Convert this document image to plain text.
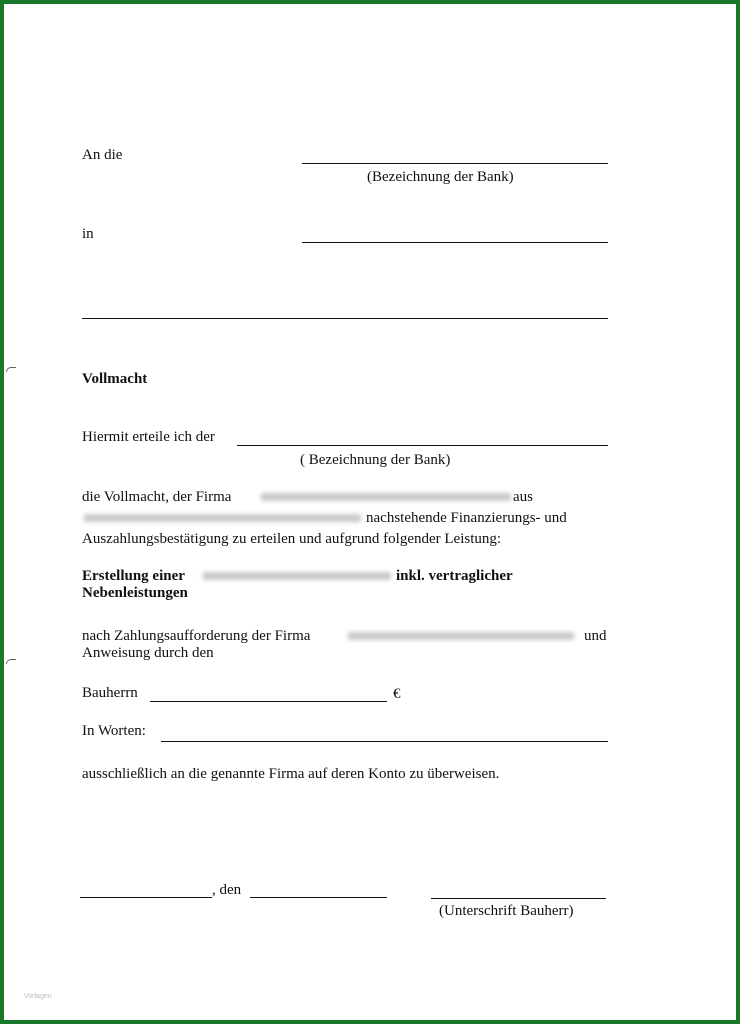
An die
(Bezeichnung der Bank)
in
Vollmacht
Hiermit erteile ich der
( Bezeichnung der Bank)
die Vollmacht, der Firma	aus
nachstehende Finanzierungs- und
Auszahlungsbestätigung zu erteilen und aufgrund folgender Leistung:
Erstellung einer	inkl. vertraglicher
Nebenleistungen
nach Zahlungsaufforderung der Firma	und
Anweisung durch den
Bauherrn	€
In Worten:
ausschließlich an die genannte Firma auf deren Konto zu überweisen.
, den
(Unterschrift Bauherr)
Vorlagen
